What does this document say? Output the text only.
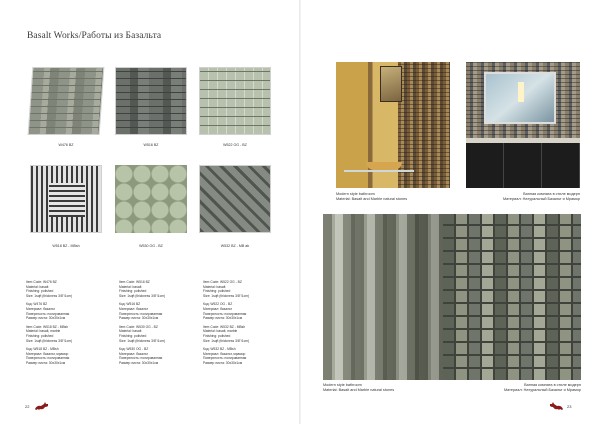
Basalt Works/Работы из Базальта
W476 BZ	W516 BZ	W522 OG - BZ
W518 BZ - MBsh	W530 OG - BZ	W532 BZ - MB ab
Item Code: W476 BZ
Material: basalt
Finishing: polished
Size: 1sqft (thickness 3/8"/1cm)
Код: W476 BZ
Материал: базальт
Поверхность: полированная
Размер листа: 30x30x1см
Item Code: W518 BZ - MBsh
Material: basalt, marble
Finishing: polished
Size: 1sqft (thickness 3/8"/1cm)
Код: W518 BZ - MBsh
Материал: базальт, мрамор
Поверхность: полированная
Размер листа: 30x30x1см
Item Code: W516 BZ
Material: basalt
Finishing: polished
Size: 1sqft (thickness 3/8"/1cm)
Код: W516 BZ
Материал: базальт
Поверхность: полированная
Размер листа: 30x30x1см
Item Code: W530 OG - BZ
Material: basalt
Finishing: polished
Size: 1sqft (thickness 3/8"/1cm)
Код: W530 OG - BZ
Материал: базальт
Поверхность: полированная
Размер листа: 30x30x1см
Item Code: W522 OG - BZ
Material: basalt
Finishing: polished
Size: 1sqft (thickness 3/8"/1cm)
Код: W522 OG - BZ
Материал: базальт
Поверхность: полированная
Размер листа: 30x30x1см
Item Code: W532 BZ - MBsh
Material: basalt, marble
Finishing: polished
Size: 1sqft (thickness 3/8"/1cm)
Код: W532 BZ - MBsh
Материал: базальт, мрамор
Поверхность: полированная
Размер листа: 30x30x1см
Modern style bathroom
Material: Basalt and Marble natural stones
Ванная комната в стиле модерн
Материал: Натуральный Базальт и Мрамор
Modern style bathroom
Material: Basalt and Marble natural stones
Ванная комната в стиле модерн
Материал: Натуральный Базальт и Мрамор
22	23
